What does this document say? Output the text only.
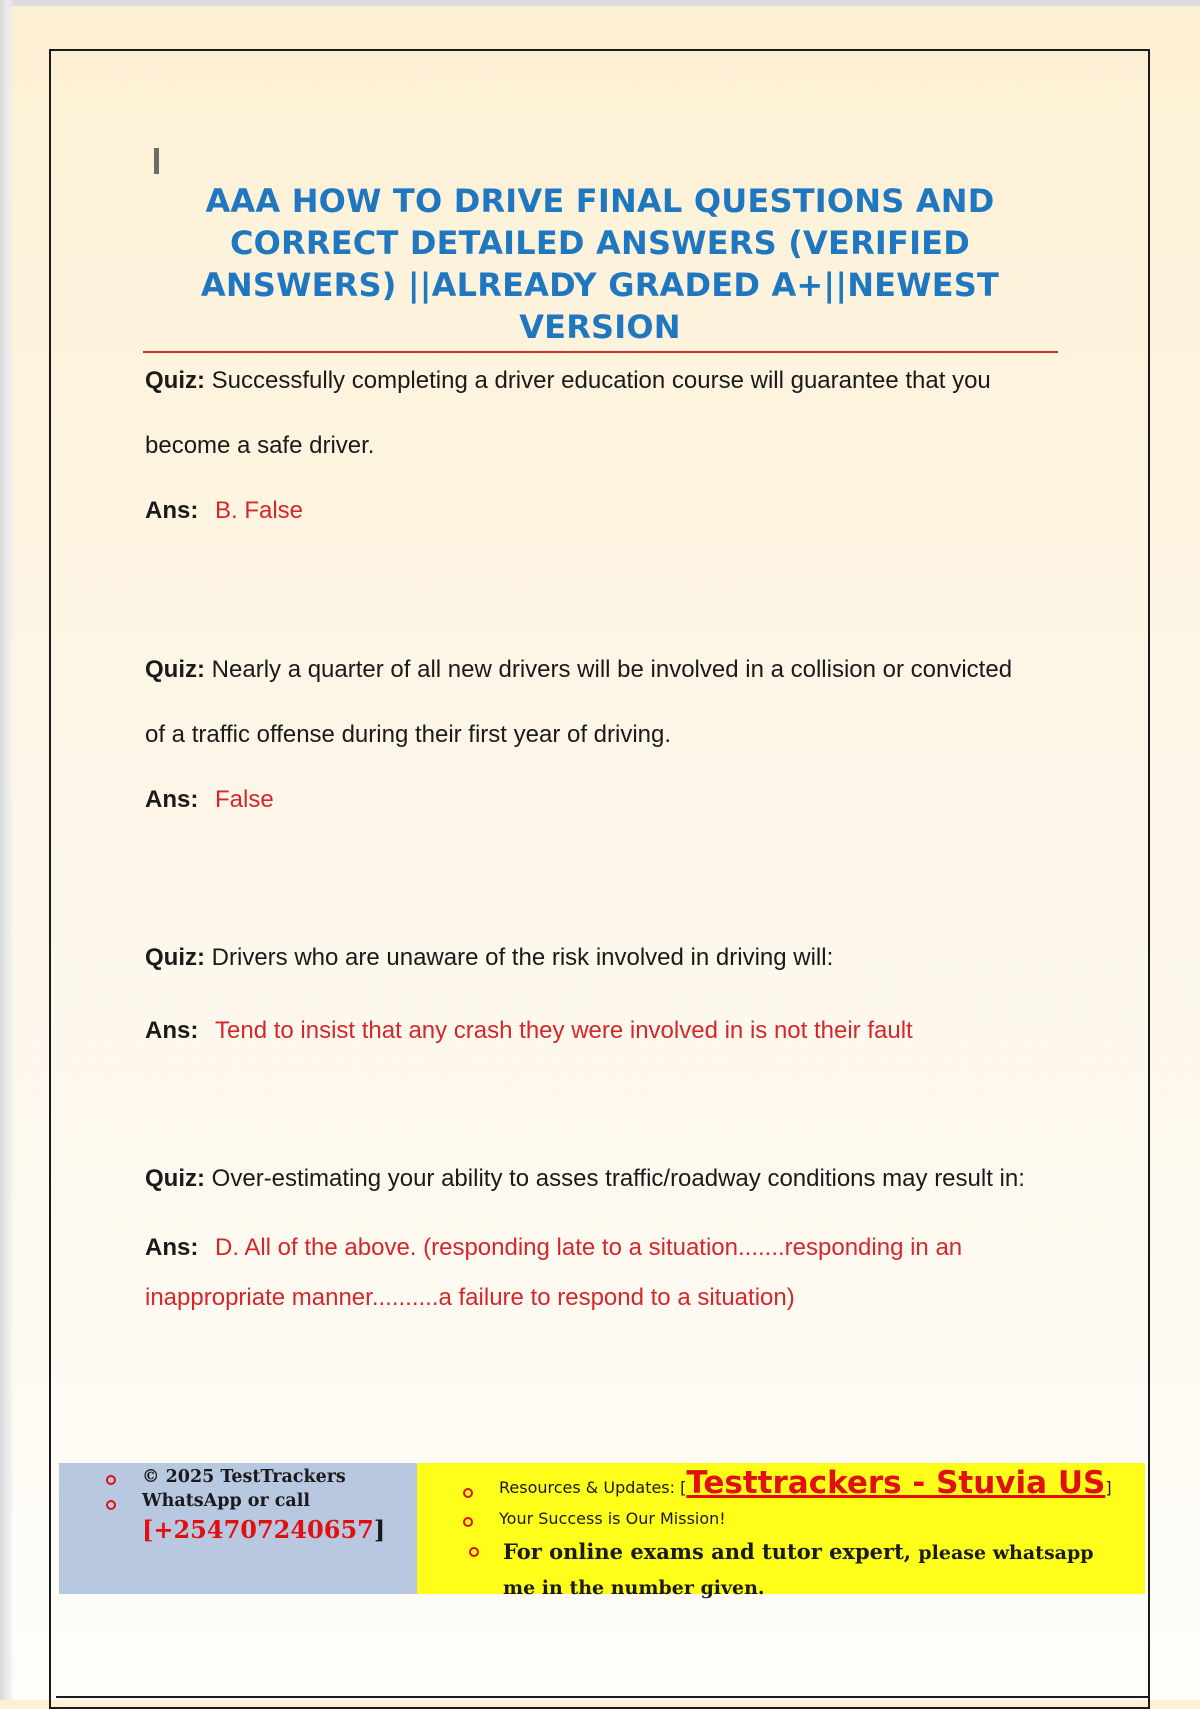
AAA HOW TO DRIVE FINAL QUESTIONS AND CORRECT DETAILED ANSWERS (VERIFIED ANSWERS) ||ALREADY GRADED A+||NEWEST VERSION

Quiz: Successfully completing a driver education course will guarantee that you become a safe driver.

Ans: B. False

Quiz: Nearly a quarter of all new drivers will be involved in a collision or convicted of a traffic offense during their first year of driving.

Ans: False

Quiz: Drivers who are unaware of the risk involved in driving will:

Ans: Tend to insist that any crash they were involved in is not their fault

Quiz: Over-estimating your ability to asses traffic/roadway conditions may result in:

Ans: D. All of the above. (responding late to a situation.......responding in an inappropriate manner..........a failure to respond to a situation)

© 2025 TestTrackers
WhatsApp or call
[+254707240657]
Resources & Updates: [Testtrackers - Stuvia US]
Your Success is Our Mission!
For online exams and tutor expert, please whatsapp me in the number given.
